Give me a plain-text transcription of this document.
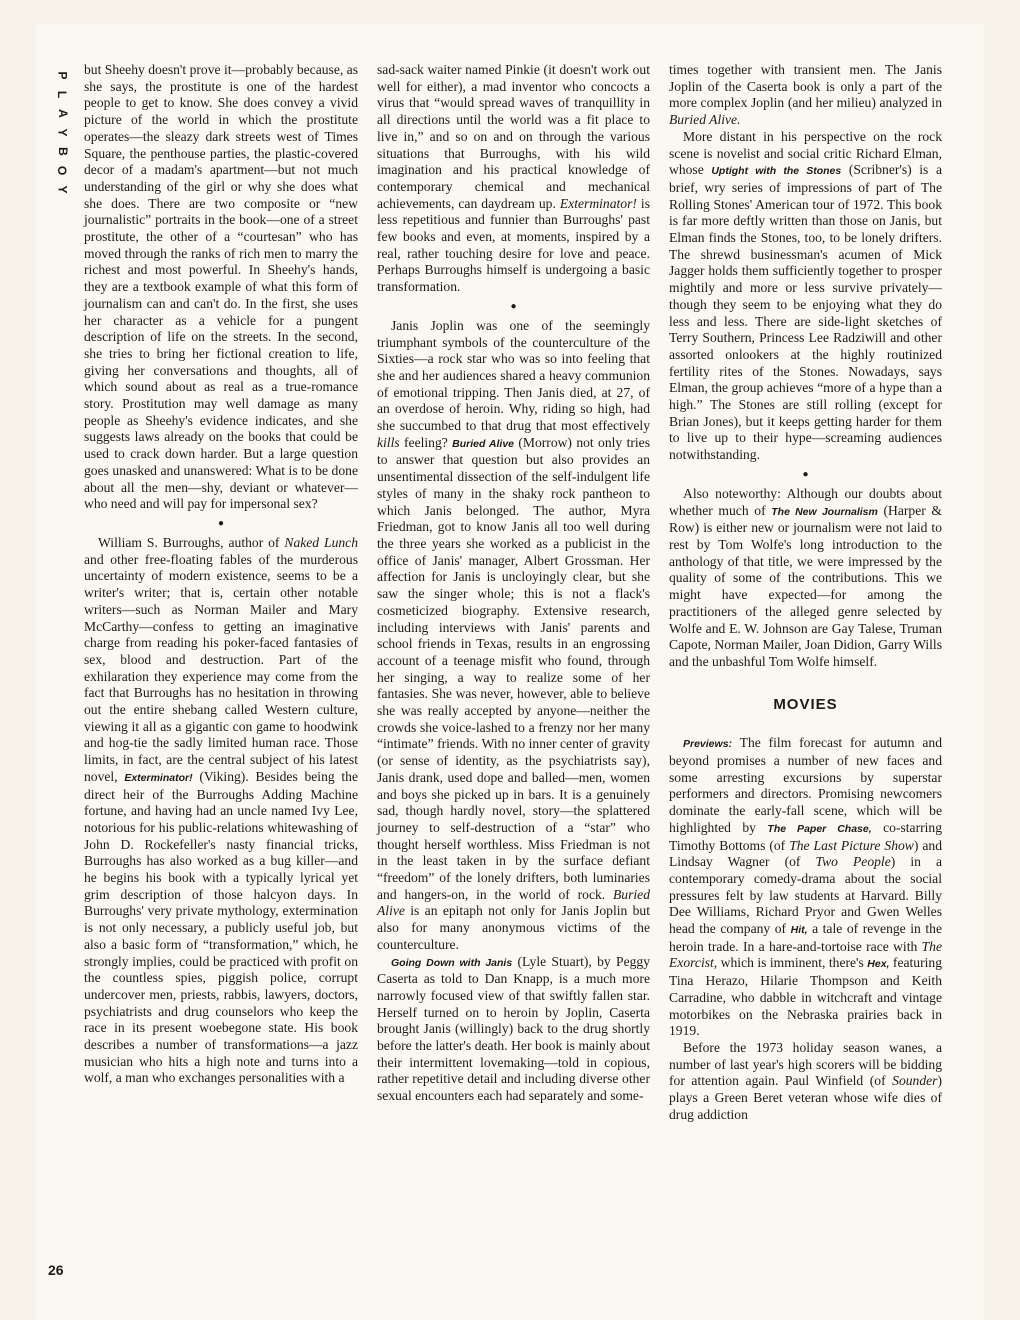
P
L
A
Y
B
O
Y
26

but Sheehy doesn't prove it—probably because, as she says, the prostitute is one of the hardest people to get to know. She does convey a vivid picture of the world in which the prostitute operates—the sleazy dark streets west of Times Square, the penthouse parties, the plastic-covered decor of a madam's apartment—but not much understanding of the girl or why she does what she does. There are two composite or “new journalistic” portraits in the book—one of a street prostitute, the other of a “courtesan” who has moved through the ranks of rich men to marry the richest and most powerful. In Sheehy's hands, they are a textbook example of what this form of journalism can and can't do. In the first, she uses her character as a vehicle for a pungent description of life on the streets. In the second, she tries to bring her fictional creation to life, giving her conversations and thoughts, all of which sound about as real as a true-romance story. Prostitution may well damage as many people as Sheehy's evidence indicates, and she suggests laws already on the books that could be used to crack down harder. But a large question goes unasked and unanswered: What is to be done about all the men—shy, deviant or whatever—who need and will pay for impersonal sex?

●

William S. Burroughs, author of Naked Lunch and other free-floating fables of the murderous uncertainty of modern existence, seems to be a writer's writer; that is, certain other notable writers—such as Norman Mailer and Mary McCarthy—confess to getting an imaginative charge from reading his poker-faced fantasies of sex, blood and destruction. Part of the exhilaration they experience may come from the fact that Burroughs has no hesitation in throwing out the entire shebang called Western culture, viewing it all as a gigantic con game to hoodwink and hog-tie the sadly limited human race. Those limits, in fact, are the central subject of his latest novel, Exterminator! (Viking). Besides being the direct heir of the Burroughs Adding Machine fortune, and having had an uncle named Ivy Lee, notorious for his public-relations whitewashing of John D. Rockefeller's nasty financial tricks, Burroughs has also worked as a bug killer—and he begins his book with a typically lyrical yet grim description of those halcyon days. In Burroughs' very private mythology, extermination is not only necessary, a publicly useful job, but also a basic form of “transformation,” which, he strongly implies, could be practiced with profit on the countless spies, piggish police, corrupt undercover men, priests, rabbis, lawyers, doctors, psychiatrists and drug counselors who keep the race in its present woebegone state. His book describes a number of transformations—a jazz musician who hits a high note and turns into a wolf, a man who exchanges personalities with a

sad-sack waiter named Pinkie (it doesn't work out well for either), a mad inventor who concocts a virus that “would spread waves of tranquillity in all directions until the world was a fit place to live in,” and so on and on through the various situations that Burroughs, with his wild imagination and his practical knowledge of contemporary chemical and mechanical achievements, can daydream up. Exterminator! is less repetitious and funnier than Burroughs' past few books and even, at moments, inspired by a real, rather touching desire for love and peace. Perhaps Burroughs himself is undergoing a basic transformation.

●

Janis Joplin was one of the seemingly triumphant symbols of the counterculture of the Sixties—a rock star who was so into feeling that she and her audiences shared a heavy communion of emotional tripping. Then Janis died, at 27, of an overdose of heroin. Why, riding so high, had she succumbed to that drug that most effectively kills feeling? Buried Alive (Morrow) not only tries to answer that question but also provides an unsentimental dissection of the self-indulgent life styles of many in the shaky rock pantheon to which Janis belonged. The author, Myra Friedman, got to know Janis all too well during the three years she worked as a publicist in the office of Janis' manager, Albert Grossman. Her affection for Janis is uncloyingly clear, but she saw the singer whole; this is not a flack's cosmeticized biography. Extensive research, including interviews with Janis' parents and school friends in Texas, results in an engrossing account of a teenage misfit who found, through her singing, a way to realize some of her fantasies. She was never, however, able to believe she was really accepted by anyone—neither the crowds she voice-lashed to a frenzy nor her many “intimate” friends. With no inner center of gravity (or sense of identity, as the psychiatrists say), Janis drank, used dope and balled—men, women and boys she picked up in bars. It is a genuinely sad, though hardly novel, story—the splattered journey to self-destruction of a “star” who thought herself worthless. Miss Friedman is not in the least taken in by the surface defiant “freedom” of the lonely drifters, both luminaries and hangers-on, in the world of rock. Buried Alive is an epitaph not only for Janis Joplin but also for many anonymous victims of the counterculture.

Going Down with Janis (Lyle Stuart), by Peggy Caserta as told to Dan Knapp, is a much more narrowly focused view of that swiftly fallen star. Herself turned on to heroin by Joplin, Caserta brought Janis (willingly) back to the drug shortly before the latter's death. Her book is mainly about their intermittent lovemaking—told in copious, rather repetitive detail and including diverse other sexual encounters each had separately and some-

times together with transient men. The Janis Joplin of the Caserta book is only a part of the more complex Joplin (and her milieu) analyzed in Buried Alive.

More distant in his perspective on the rock scene is novelist and social critic Richard Elman, whose Uptight with the Stones (Scribner's) is a brief, wry series of impressions of part of The Rolling Stones' American tour of 1972. This book is far more deftly written than those on Janis, but Elman finds the Stones, too, to be lonely drifters. The shrewd businessman's acumen of Mick Jagger holds them sufficiently together to prosper mightily and more or less survive privately—though they seem to be enjoying what they do less and less. There are side-light sketches of Terry Southern, Princess Lee Radziwill and other assorted onlookers at the highly routinized fertility rites of the Stones. Nowadays, says Elman, the group achieves “more of a hype than a high.” The Stones are still rolling (except for Brian Jones), but it keeps getting harder for them to live up to their hype—screaming audiences notwithstanding.

●

Also noteworthy: Although our doubts about whether much of The New Journalism (Harper & Row) is either new or journalism were not laid to rest by Tom Wolfe's long introduction to the anthology of that title, we were impressed by the quality of some of the contributions. This we might have expected—for among the practitioners of the alleged genre selected by Wolfe and E. W. Johnson are Gay Talese, Truman Capote, Norman Mailer, Joan Didion, Garry Wills and the unbashful Tom Wolfe himself.

MOVIES

Previews: The film forecast for autumn and beyond promises a number of new faces and some arresting excursions by superstar performers and directors. Promising newcomers dominate the early-fall scene, which will be highlighted by The Paper Chase, co-starring Timothy Bottoms (of The Last Picture Show) and Lindsay Wagner (of Two People) in a contemporary comedy-drama about the social pressures felt by law students at Harvard. Billy Dee Williams, Richard Pryor and Gwen Welles head the company of Hit, a tale of revenge in the heroin trade. In a hare-and-tortoise race with The Exorcist, which is imminent, there's Hex, featuring Tina Herazo, Hilarie Thompson and Keith Carradine, who dabble in witchcraft and vintage motorbikes on the Nebraska prairies back in 1919.

Before the 1973 holiday season wanes, a number of last year's high scorers will be bidding for attention again. Paul Winfield (of Sounder) plays a Green Beret veteran whose wife dies of drug addiction
